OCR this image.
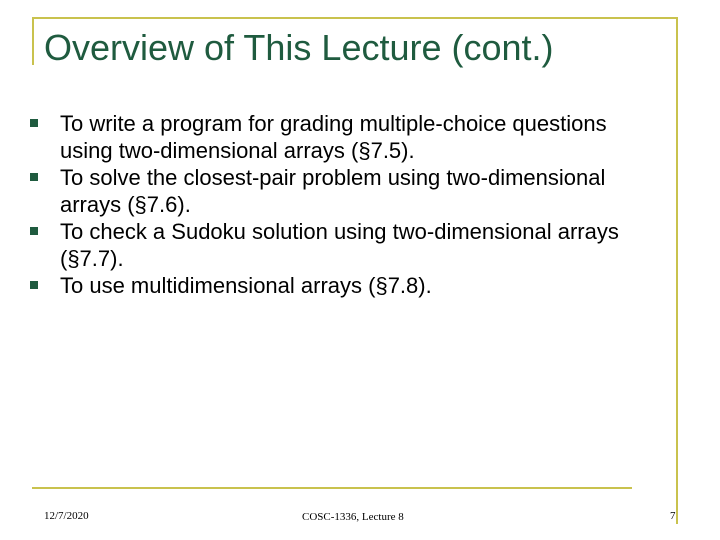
Overview of This Lecture (cont.)
To write a program for grading multiple-choice questions using two-dimensional arrays (§7.5).
To solve the closest-pair problem using two-dimensional arrays (§7.6).
To check a Sudoku solution using two-dimensional arrays (§7.7).
To use multidimensional arrays (§7.8).
12/7/2020	COSC-1336, Lecture 8	7
